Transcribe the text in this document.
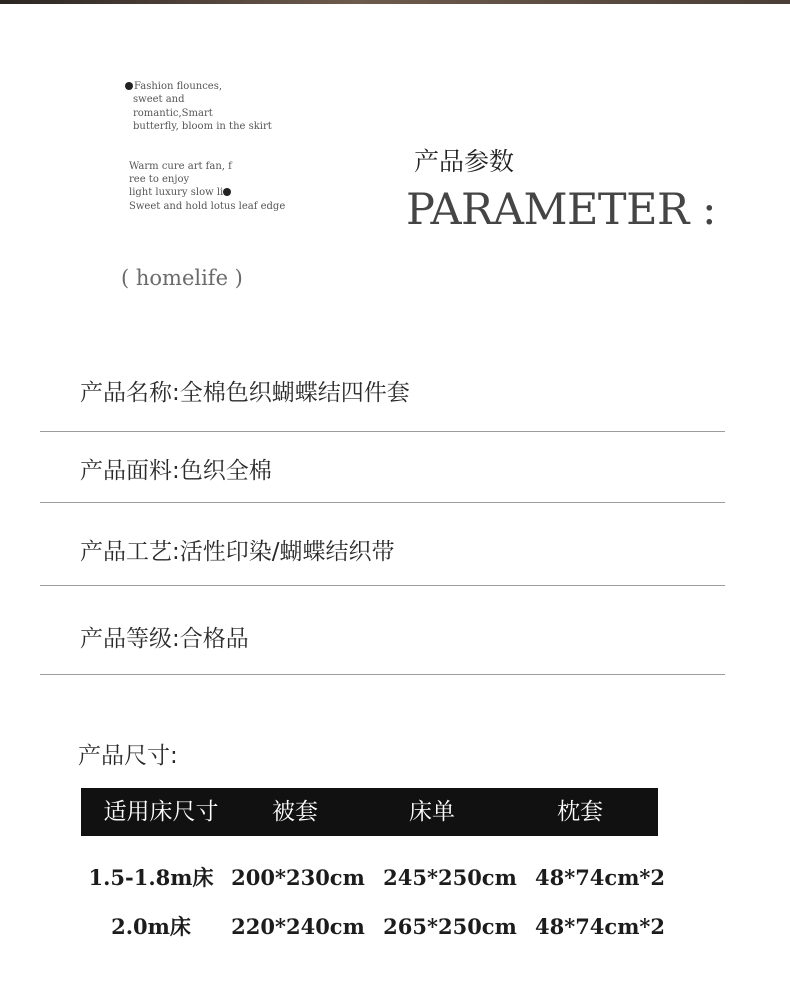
Fashion flounces,
sweet and
romantic,Smart
butterfly, bloom in the skirt
Warm cure art fan, f
ree to enjoy
light luxury slow li
Sweet and hold lotus leaf edge
( homelife )
产品参数
PARAMETER :
产品名称:全棉色织蝴蝶结四件套
产品面料:色织全棉
产品工艺:活性印染/蝴蝶结织带
产品等级:合格品
产品尺寸:
适用床尺寸	被套	床单	枕套
1.5-1.8m床 200*230cm 245*250cm 48*74cm*2
2.0m床	220*240cm 265*250cm 48*74cm*2
